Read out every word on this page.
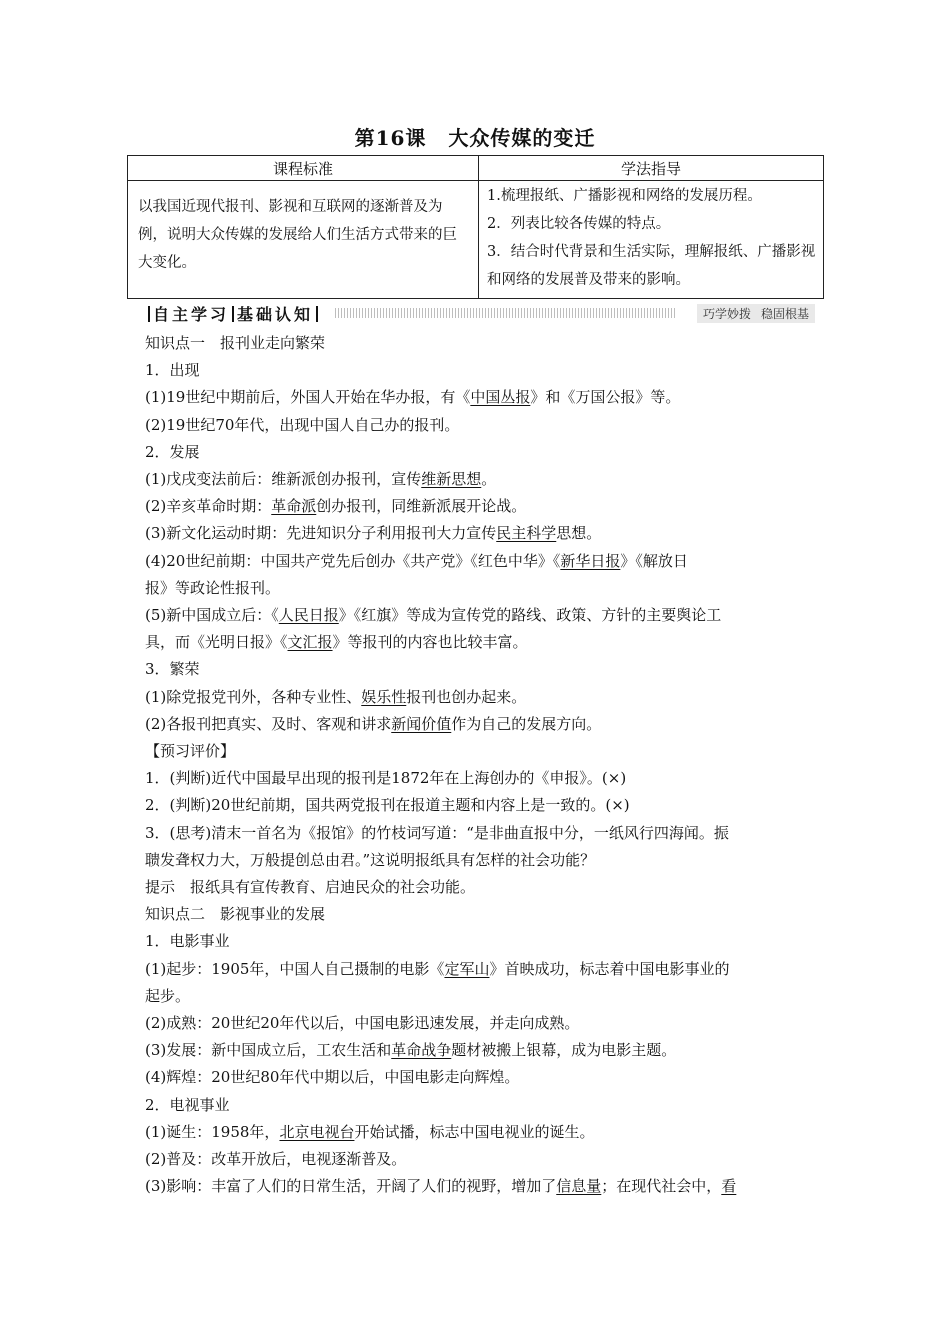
第16课 大众传媒的变迁
课程标准	学法指导
以我国近现代报刊、影视和互联网的逐渐普及为例，说明大众传媒的发展给人们生活方式带来的巨大变化。	1.梳理报纸、广播影视和网络的发展历程。
2．列表比较各传媒的特点。
3．结合时代背景和生活实际，理解报纸、广播影视和网络的发展普及带来的影响。
自主学习 基础认知	巧学妙拨 稳固根基

知识点一　报刊业走向繁荣

1．出现

(1)19世纪中期前后，外国人开始在华办报，有《中国丛报》和《万国公报》等。

(2)19世纪70年代，出现中国人自己办的报刊。

2．发展

(1)戊戌变法前后：维新派创办报刊，宣传维新思想。

(2)辛亥革命时期：革命派创办报刊，同维新派展开论战。

(3)新文化运动时期：先进知识分子利用报刊大力宣传民主科学思想。

(4)20世纪前期：中国共产党先后创办《共产党》《红色中华》《新华日报》《解放日

报》等政论性报刊。

(5)新中国成立后：《人民日报》《红旗》等成为宣传党的路线、政策、方针的主要舆论工

具，而《光明日报》《文汇报》等报刊的内容也比较丰富。

3．繁荣

(1)除党报党刊外，各种专业性、娱乐性报刊也创办起来。

(2)各报刊把真实、及时、客观和讲求新闻价值作为自己的发展方向。

【预习评价】

1．(判断)近代中国最早出现的报刊是1872年在上海创办的《申报》。(×)

2．(判断)20世纪前期，国共两党报刊在报道主题和内容上是一致的。(×)

3．(思考)清末一首名为《报馆》的竹枝词写道：“是非曲直报中分，一纸风行四海闻。振

聩发聋权力大，万般提创总由君。”这说明报纸具有怎样的社会功能？

提示　报纸具有宣传教育、启迪民众的社会功能。

知识点二　影视事业的发展

1．电影事业

(1)起步：1905年，中国人自己摄制的电影《定军山》首映成功，标志着中国电影事业的

起步。

(2)成熟：20世纪20年代以后，中国电影迅速发展，并走向成熟。

(3)发展：新中国成立后，工农生活和革命战争题材被搬上银幕，成为电影主题。

(4)辉煌：20世纪80年代中期以后，中国电影走向辉煌。

2．电视事业

(1)诞生：1958年，北京电视台开始试播，标志中国电视业的诞生。

(2)普及：改革开放后，电视逐渐普及。

(3)影响：丰富了人们的日常生活，开阔了人们的视野，增加了信息量；在现代社会中，看
